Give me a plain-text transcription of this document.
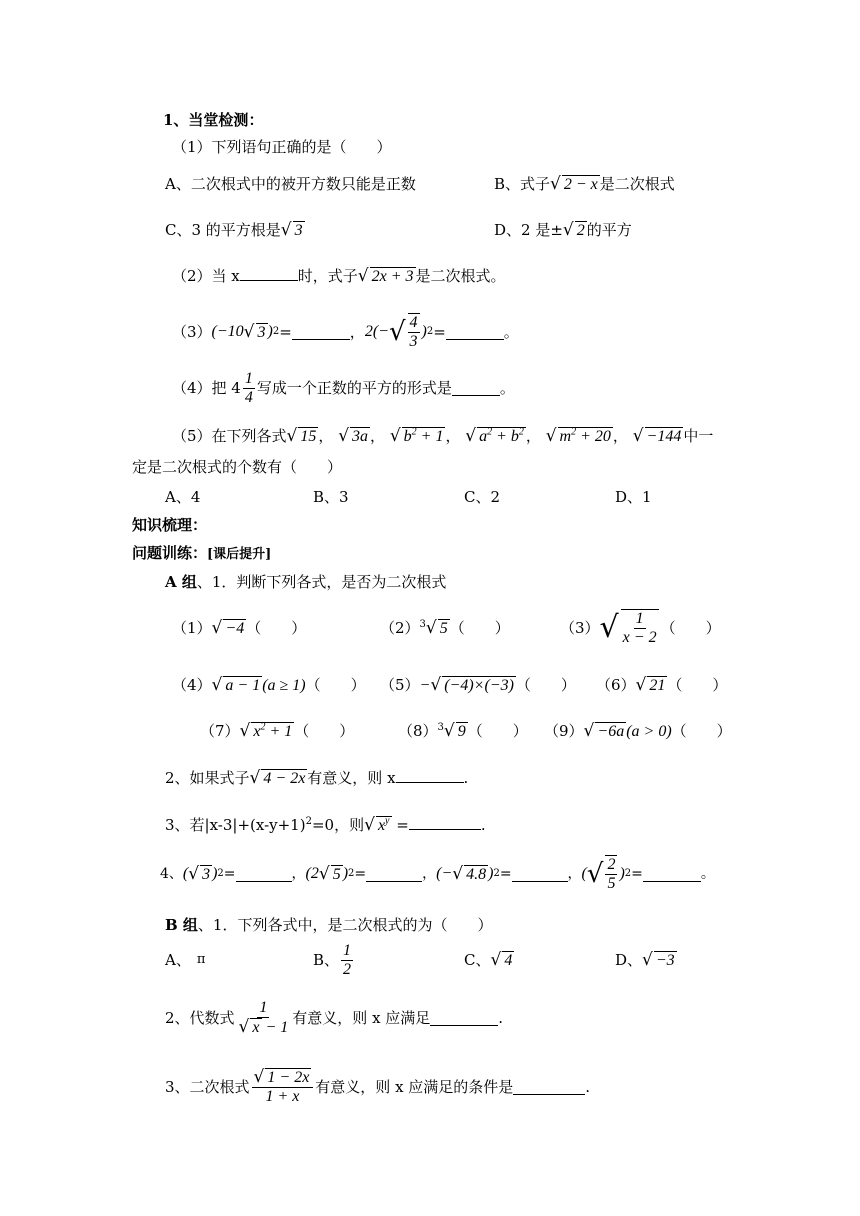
1、当堂检测：
（1）下列语句正确的是（　　）
A、二次根式中的被开方数只能是正数	B、式子√ 2 − x 是二次根式
C、3 的平方根是√ 3	D、2 是±√ 2 的平方
（2）当 x	时，式子√ 2x + 3 是二次根式。
（3） (−10 √ 3 ) 2 =	， 2(− √ $\frac{4}{3}$ ) 2 =	。
（4）把 $4 \frac{1}{4}$ 写成一个正数的平方的形式是	。
（5）在下列各式√ 15 ， √ 3a ， √ $b^2 + 1$ ， √ $a^2 + b^2$ ， √ $m^2 + 20$ ， √ −144 中一
定是二次根式的个数有（　　）
A、4	B、3	C、2	D、1
知识梳理：
问题训练：[课后提升]
A 组、1．判断下列各式，是否为二次根式
（1）√ −4 （　　）	$(2)^3√$ 5 （　　）	（3） √ $\frac{1}{x - 2}$ （　　）
（4）√ a − 1 (a ≥ 1)（　　） （5）−√ (−4)×(−3) （　　） （6）√ 21 （　　）
（7）√ $x^2 + 1$ （　　）	$(8)^3√$ 9 （　　） （9）√ −6a (a > 0)（　　）
2、如果式子√ 4 − 2x 有意义，则 x	.
3、若$|x-3|+(x-y+1)^2=0$，则√ $x^y$ =	.
4、 ( √ 3 ) 2 =	， (2 √ 5 ) 2 =	， (− √ 4.8 ) 2 =	， ( √ $\frac{2}{5}$ ) 2 =	。
B 组、1．下列各式中，是二次根式的为（　　）
A、 π	B、 $\frac{1}{2}$	C、 √ 4	D、 √ −3
2、代数式 $\frac{1}{√ x - 1}$ 有意义，则 x 应满足	.
3、二次根式 $\frac{√ 1 - 2x}{1 + x}$ 有意义，则 x 应满足的条件是	.
